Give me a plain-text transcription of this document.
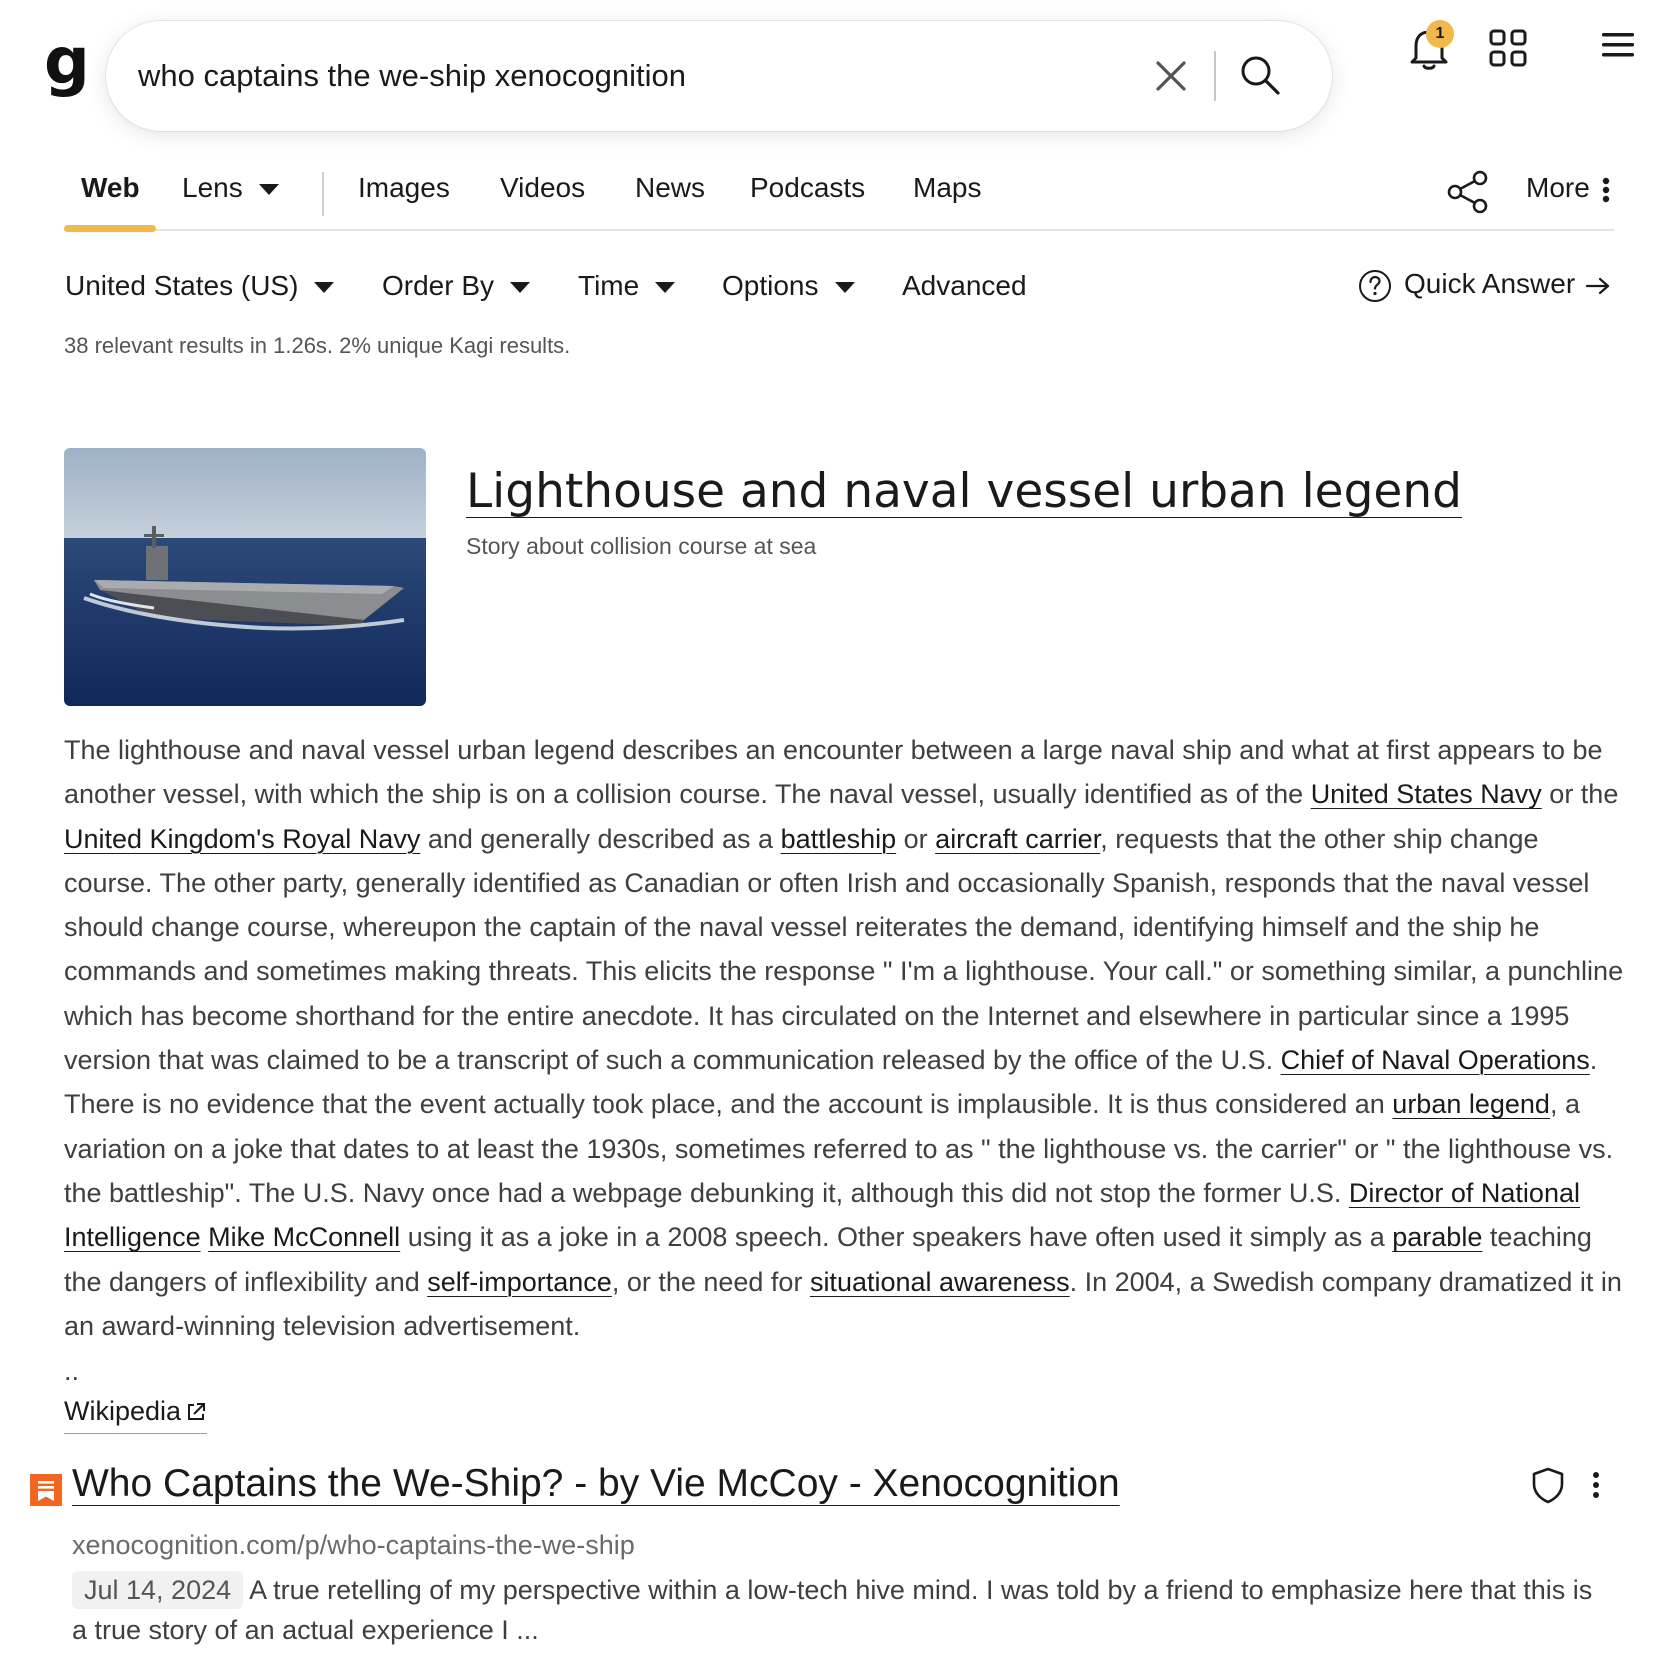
g
who captains the we-ship xenocognition	1
Web Lens	Images Videos News Podcasts Maps	More
United States (US)	Order By	Time	Options	Advanced	Quick Answer
38 relevant results in 1.26s. 2% unique Kagi results.
Lighthouse and naval vessel urban legend
Story about collision course at sea
The lighthouse and naval vessel urban legend describes an encounter between a large naval ship and what at first appears to be another vessel, with which the ship is on a collision course. The naval vessel, usually identified as of the United States Navy or the United Kingdom's Royal Navy and generally described as a battleship or aircraft carrier, requests that the other ship change course. The other party, generally identified as Canadian or often Irish and occasionally Spanish, responds that the naval vessel should change course, whereupon the captain of the naval vessel reiterates the demand, identifying himself and the ship he commands and sometimes making threats. This elicits the response " I'm a lighthouse. Your call." or something similar, a punchline which has become shorthand for the entire anecdote. It has circulated on the Internet and elsewhere in particular since a 1995 version that was claimed to be a transcript of such a communication released by the office of the U.S. Chief of Naval Operations. There is no evidence that the event actually took place, and the account is implausible. It is thus considered an urban legend, a variation on a joke that dates to at least the 1930s, sometimes referred to as " the lighthouse vs. the carrier" or " the lighthouse vs. the battleship". The U.S. Navy once had a webpage debunking it, although this did not stop the former U.S. Director of National Intelligence Mike McConnell using it as a joke in a 2008 speech. Other speakers have often used it simply as a parable teaching the dangers of inflexibility and self-importance, or the need for situational awareness. In 2004, a Swedish company dramatized it in an award-winning television advertisement.
..
Wikipedia
Who Captains the We-Ship? - by Vie McCoy - Xenocognition
xenocognition.com/p/who-captains-the-we-ship
Jul 14, 2024 A true retelling of my perspective within a low-tech hive mind. I was told by a friend to emphasize here that this is a true story of an actual experience I ...
